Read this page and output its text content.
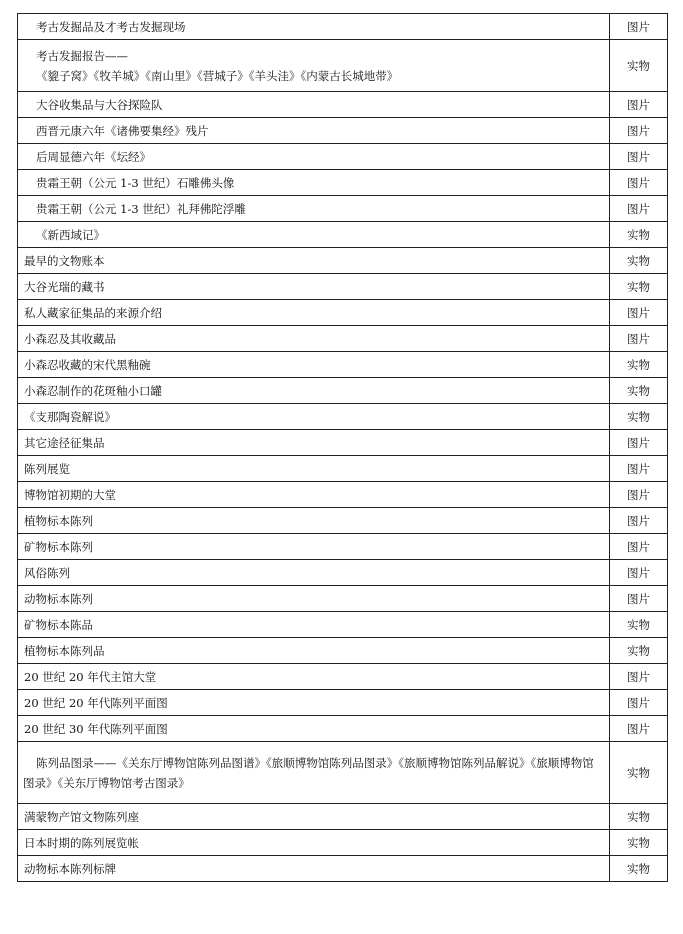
考古发掘品及才考古发掘现场	图片

考古发掘报告——
《貔子窝》《牧羊城》《南山里》《营城子》《羊头洼》《内蒙古长城地带》	实物
大谷收集品与大谷探险队	图片
西晋元康六年《诸佛要集经》残片	图片
后周显德六年《坛经》	图片
贵霜王朝（公元 1-3 世纪）石雕佛头像	图片
贵霜王朝（公元 1-3 世纪）礼拜佛陀浮雕	图片
《新西域记》	实物
最早的文物账本	实物
大谷光瑞的藏书	实物
私人藏家征集品的来源介绍	图片
小森忍及其收藏品	图片
小森忍收藏的宋代黑釉碗	实物
小森忍制作的花斑釉小口罐	实物
《支那陶瓷解说》	实物
其它途径征集品	图片
陈列展览	图片
博物馆初期的大堂	图片
植物标本陈列	图片
矿物标本陈列	图片
风俗陈列	图片
动物标本陈列	图片
矿物标本陈品	实物
植物标本陈列品	实物
20 世纪 20 年代主馆大堂	图片
20 世纪 20 年代陈列平面图	图片
20 世纪 30 年代陈列平面图	图片
陈列品图录——《关东厅博物馆陈列品图谱》《旅顺博物馆陈列品图录》《旅顺博物馆陈列品解说》《旅顺博物馆图录》《关东厅博物馆考古图录》	实物
满蒙物产馆文物陈列座	实物
日本时期的陈列展览帐	实物
动物标本陈列标牌	实物
